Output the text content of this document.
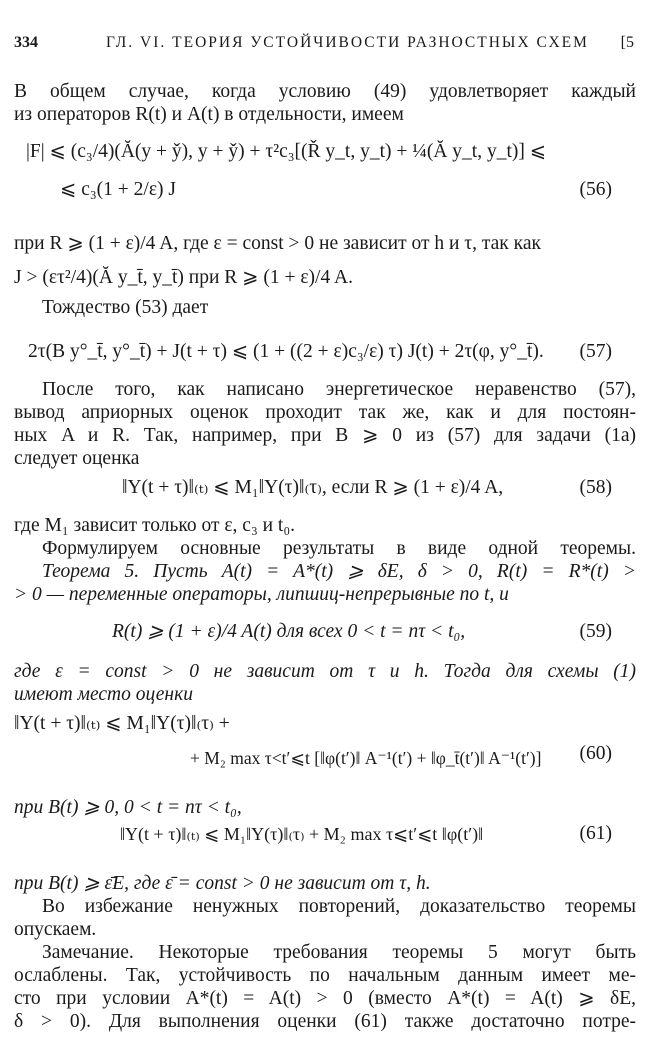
334	ГЛ. VI. ТЕОРИЯ УСТОЙЧИВОСТИ РАЗНОСТНЫХ СХЕМ [5
В общем случае, когда условию (49) удовлетворяет каждый
из операторов R(t) и A(t) в отдельности, имеем
|F| ⩽ (c₃/4)(Ă(y + y̌), y + y̌) + τ²c₃[(Ř y_t, y_t) + ¼(Ă y_t, y_t)] ⩽
⩽ c₃(1 + 2/ε) J	(56)
при R ⩾ (1 + ε)/4 A, где ε = const > 0 не зависит от h и τ, так как
J > (ετ²/4)(Ă y_t̄, y_t̄) при R ⩾ (1 + ε)/4 A.
Тождество (53) дает
2τ(B y°_t̄, y°_t̄) + J(t + τ) ⩽ (1 + ((2 + ε)c₃/ε) τ) J(t) + 2τ(φ, y°_t̄). (57)
После того, как написано энергетическое неравенство (57),
вывод априорных оценок проходит так же, как и для постоян-
ных A и R. Так, например, при B ⩾ 0 из (57) для задачи (1а)
следует оценка
‖Y(t + τ)‖₍ₜ₎ ⩽ M₁‖Y(τ)‖₍τ₎, если R ⩾ (1 + ε)/4 A,	(58)
где M₁ зависит только от ε, c₃ и t₀.
Формулируем основные результаты в виде одной теоремы.
Теорема 5. Пусть A(t) = A*(t) ⩾ δE, δ > 0, R(t) = R*(t) >
> 0 — переменные операторы, липшиц-непрерывные по t, и
R(t) ⩾ (1 + ε)/4 A(t) для всех 0 < t = nτ < t₀,	(59)
где ε = const > 0 не зависит от τ и h. Тогда для схемы (1)
имеют место оценки
‖Y(t + τ)‖₍ₜ₎ ⩽ M₁‖Y(τ)‖₍τ₎ +
+ M₂ max τ<t′⩽t [‖φ(t′)‖ A⁻¹(t′) + ‖φ_t̄(t′)‖ A⁻¹(t′)] (60)
при B(t) ⩾ 0, 0 < t = nτ < t₀,
‖Y(t + τ)‖₍ₜ₎ ⩽ M₁‖Y(τ)‖₍τ₎ + M₂ max τ⩽t′⩽t ‖φ(t′)‖	(61)
при B(t) ⩾ ε̄E, где ε̄ = const > 0 не зависит от τ, h.
Во избежание ненужных повторений, доказательство теоремы
опускаем.
Замечание. Некоторые требования теоремы 5 могут быть
ослаблены. Так, устойчивость по начальным данным имеет ме-
сто при условии A*(t) = A(t) > 0 (вместо A*(t) = A(t) ⩾ δE,
δ > 0). Для выполнения оценки (61) также достаточно потре-
